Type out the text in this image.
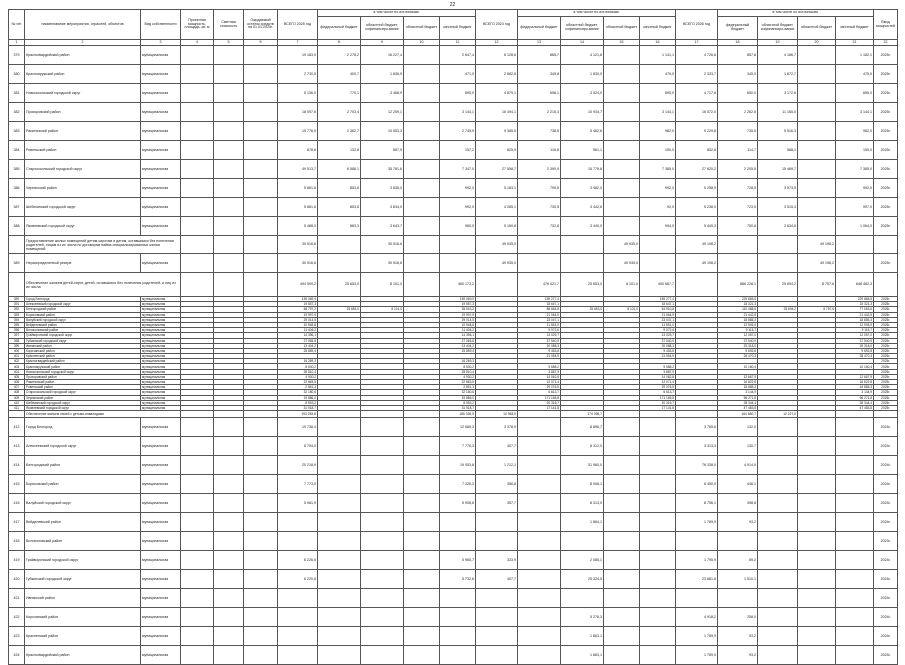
22
№ п/п	наименование мероприятия, отраслей, объектов	Вид собственности	Проектная мощность, площадь, кв. м	Сметная стоимость	Ожидаемый остаток средств на 01.01.2025г.	ВСЕГО 2025 год	в том числе по источникам:				ВСЕГО 2024 год	в том числе по источникам:				ВСЕГО 2026 год	в том числе по источникам:				Ввод мощностей
							федеральный бюджет	областной бюджет, софинансиро-вание	областной бюджет	местный бюджет		федеральный бюджет	областной бюджет, софинансиро-вание	областной бюджет	местный бюджет		федеральный бюджет	областной бюджет, софинансиро-вание	областной бюджет	местный бюджет	
1	2	3	4	5	6	7	8	9	10	11	12	13	14	15	16	17	18	19	20	21	22
379	Красногвардейский район	муниципальная				19 183,9	2 278,2	16 227,4		2 647,4	6 128,6	865,7	4 121,8		1 141,1	4 726,6	857,8	4 186,7		1 182,1	2025г.
380	Краснояружский район	муниципальная				2 730,5	400,7	1 836,9		471,0	2 682,8	345,8	1 830,0		475,0	2 333,7	345,0	1 872,7		475,0	2025г.
381	Новооскольский городской округ	муниципальная				5 136,0	770,1	3 468,9		895,0	4 879,1	658,1	3 524,0		895,0	4 717,6	650,0	3 172,6		895,0	2025г.
382	Прохоровский район	муниципальная				18 097,6	2 703,4	12 259,1		3 144,1	16 494,1	2 215,3	10 934,7		3 144,1	16 572,0	2 262,5	11 165,0		3 144,1	2025г.
383	Ракитянский район	муниципальная				15 776,9	2 362,7	10 653,3		2 745,9	9 385,5	738,5	5 462,6		982,0	9 229,8	735,5	5 516,3		982,0	2025г.
384	Ровеньский район	муниципальная				878,6	132,8	587,9		157,2	825,9	116,6	561,1		150,0	852,8	114,7	588,1		150,0	2025г.
385	Старооскольский городской округ	муниципальная				49 513,7	6 588,1	35 781,6		7 347,0	27 558,7	2 390,9	15 779,8		7 385,0	27 820,2	2 205,5	15 469,7		7 385,0	2025г.
386	Чернянский район	муниципальная				5 681,6	853,6	3 836,0		992,0	5 183,1	790,5	3 482,0		992,0	5 258,9	728,5	3 573,5		992,0	2025г.
387	Шебекинский городской округ	муниципальная				5 681,6	853,6	3 834,0		992,0	4 285,1	730,5	3 442,6		92,0	5 238,0	723,5	3 515,3		997,0	2025г.
388	Яковлевский городской округ	муниципальная				5 488,0	883,3	3 643,7		960,0	5 169,8	732,8	3 440,0		994,0	5 449,3	750,8	3 634,6		1 064,0	2025г.
	Предоставление жилых помещений детям-сиротам и детям, оставшимся без попечения родителей, лицам из их числа по договорам найма специализированных жилых помещений					30 516,6		30 516,6			49 935,0			49 935,0		49 198,2			49 198,2		
389	Нераспределенный резерв	муниципальная				30 516,6		30 516,6			49 935,0			49 935,0		49 198,2			49 198,2		2025г.
	Обеспечение жильем детей-сирот, детей, оставшихся без попечения родителей, и лиц из их числа					494 509,2	25 653,0	8 101,0		460 173,2		476 421,7	25 653,0	8 101,0	450 667,7		886 228,1	25 694,2	8 757,6	848 462,3	
390	Город Белгород	муниципальная				159 069,9				159 069,9		159 277,4			159 277,4		229 865,5			229 865,5	2025г.
391	Алексеевский городской округ	муниципальная				19 557,3				19 557,3		18 647,1			18 647,1		15 321,3			15 321,3	2025г.
392	Белгородский район	муниципальная				68 797,2	25 653,0	8 101,0		35 043,2		88 664,8	25 653,0	8 101,0	54 910,8		110 488,6	25 694,2	8 757,6	77 063,6	2025г.
393	Борисовский район	муниципальная				19 997,9				19 997,9		21 064,9			21 064,9		21 442,5			21 442,5	2025г.
394	Валуйский городской округ	муниципальная				29 014,5				29 014,5		23 047,1			23 047,1		18 885,3			18 885,3	2025г.
395	Вейделевский район	муниципальная				10 948,8				10 948,8		11 551,0			11 551,0		12 905,9			12 905,9	2025г.
396	Волоконовский район	муниципальная				11 406,2				11 406,2		9 072,6			9 072,6		9 115,7			9 115,7	2025г.
397	Грайворонский городской округ	муниципальная				14 396,1				14 396,1		13 029,7			13 029,7		12 057,0			12 057,0	2025г.
398	Губкинский городской округ	муниципальная				27 065,8				27 065,8		37 540,9			37 540,9		37 540,9			37 540,9	2025г.
399	Ивнянский район	муниципальная				13 404,2				13 404,2		20 088,3			20 088,3		25 318,0			25 318,0	2025г.
400	Корочанский район	муниципальная				25 859,4				25 859,4		9 453,6			9 453,6		9 692,8			9 692,8	2025г.
401	Красненский район	муниципальная										21 054,9			21 054,9		28 470,3			28 470,3	2025г.
402	Красногвардейский район	муниципальная				16 269,3				16 269,3											2025г.
403	Краснояружский район	муниципальная				8 530,2				8 530,2		9 588,2			9 588,2		10 160,4			10 160,4	2025г.
404	Новооскольский городской округ	муниципальная				28 510,4				28 510,4		3 887,9			3 887,9						2025г.
405	Прохоровский район	муниципальная				4 930,2				4 930,2		14 062,8			14 062,8		12 667,9			12 667,9	2025г.
406	Ракитянский район	муниципальная				22 863,5				22 863,5		12 071,4			12 071,4		16 822,8			16 822,8	2025г.
407	Ровеньский район	муниципальная				2 851,3				2 851,3		29 076,5			29 076,5		18 885,3			18 885,3	2025г.
408	Старооскольский городской округ	муниципальная				32 180,6				32 180,6		6 613,7			6 613,7		3 144,9			3 144,9	2025г.
409	Чернянский район	муниципальная				19 886,0				19 886,0		171 165,8			171 165,8		96 271,8			96 271,8	2025г.
410	Шебекинский городской округ	муниципальная				8 953,2				8 953,2		20 316,7			20 316,7		28 344,4			28 344,4	2025г.
411	Яковлевский городской округ	муниципальная				31 918,7				31 918,7		17 141,8			17 141,8		47 483,8			47 483,8	2025г.
	Обеспечение жильем семей с детьми-инвалидами					193 283,8				186 326,9	10 963,9		174 396,7				164 680,7	12 227,0			
412	Город Белгород	муниципальная				19 738,4				12 689,3	3 378,9		8 896,7			3 765,6	132,0				2024г.
413	Алексеевский городской округ	муниципальная				8 794,0				7 776,3	407,7		8 312,0			3 313,3	130,7				2024г.
414	Белгородский район	муниципальная				20 218,9				19 053,8	1 212,1		31 980,0			76 338,0	4 914,0				2024г.
415	Борисовский район	муниципальная				7 773,0				7 326,3	356,8		8 908,1			6 450,0	446,1				2024г.
416	Валуйский городской округ	муниципальная				5 981,9				5 908,6	357,7		8 313,0			8 756,1	398,8				2024г.
417	Вейделевский район	муниципальная											1 864,1			1 769,9	93,2				2024г.
418	Волоконовский район	муниципальная																			2023г.
419	Грайворонский городской округ	муниципальная				6 226,6				5 965,7	333,9		2 085,1			1 795,9	89,2				2024г.
420	Губкинский городской округ	муниципальная				6 220,8				5 732,6	407,7		25 324,5			23 881,6	1 510,1				2024г.
421	Ивнянский район	муниципальная																			2024г.
422	Корочанский район	муниципальная											5 276,3			4 918,2	258,0				2024г.
423	Красненский район	муниципальная											1 863,1			1 769,9	93,2				2024г.
424	Красногвардейский район	муниципальная											1 863,1			1 769,9	93,2				2024г.
